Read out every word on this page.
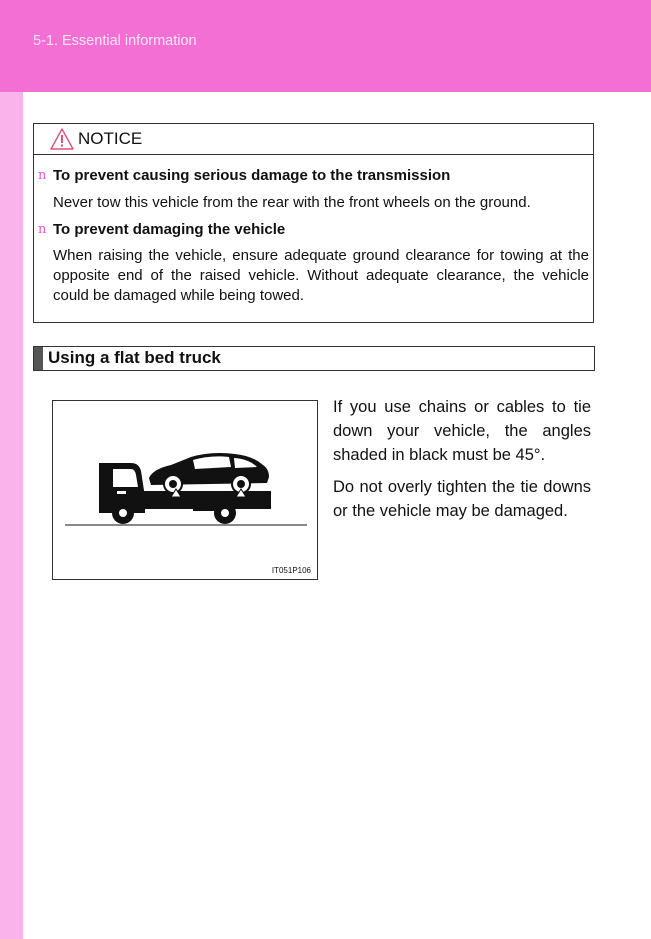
5-1. Essential information
NOTICE
n To prevent causing serious damage to the transmission
Never tow this vehicle from the rear with the front wheels on the ground.
n To prevent damaging the vehicle
When raising the vehicle, ensure adequate ground clearance for towing at the opposite end of the raised vehicle. Without adequate clearance, the vehicle could be damaged while being towed.
Using a flat bed truck
IT051P106
If you use chains or cables to tie down your vehicle, the angles shaded in black must be 45°.
Do not overly tighten the tie downs or the vehicle may be damaged.
